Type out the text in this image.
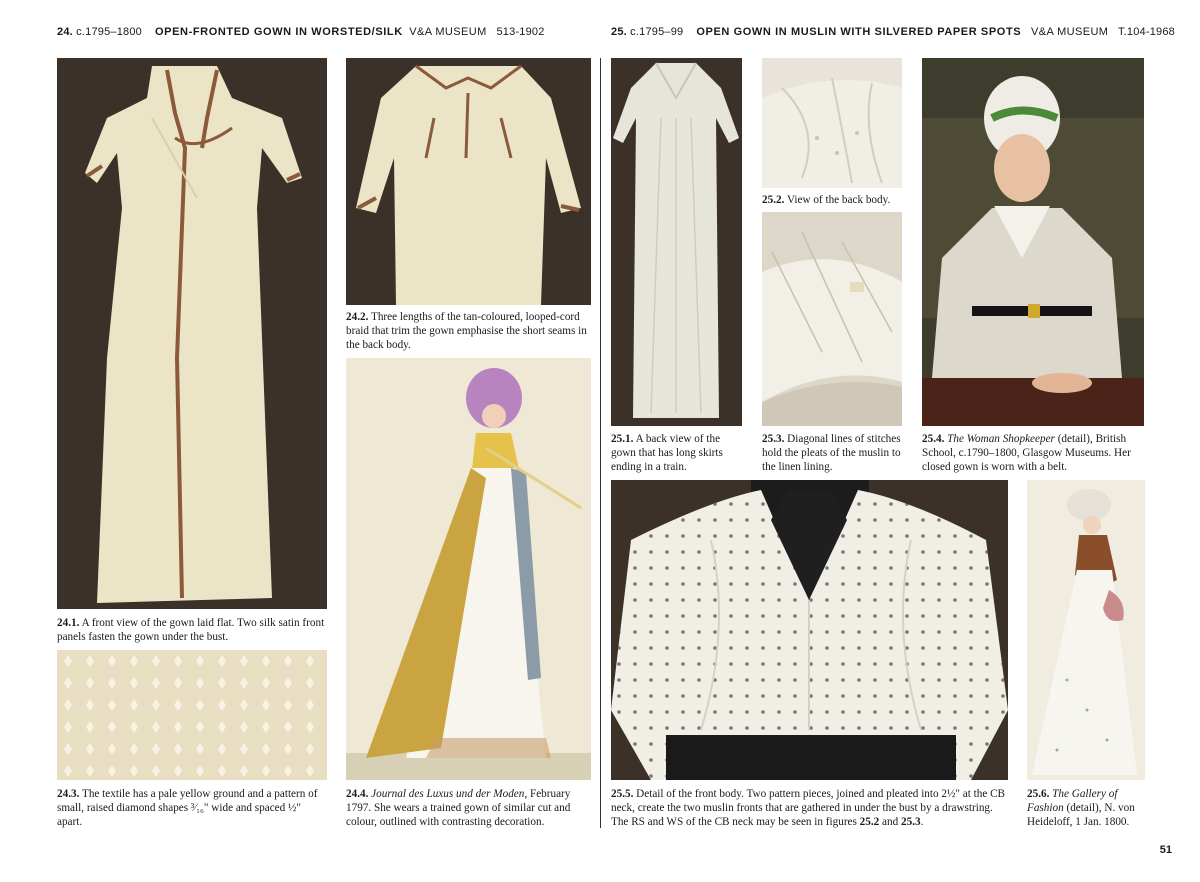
24. c.1795–1800 OPEN-FRONTED GOWN IN WORSTED/SILK V&A MUSEUM 513-1902	25. c.1795–99 OPEN GOWN IN MUSLIN WITH SILVERED PAPER SPOTS V&A MUSEUM T.104-1968
24.1. A front view of the gown laid flat. Two silk satin front panels fasten the gown under the bust.
24.2. Three lengths of the tan-coloured, looped-cord braid that trim the gown emphasise the short seams in the back body.
24.3. The textile has a pale yellow ground and a pattern of small, raised diamond shapes ³⁄₁₆" wide and spaced ½" apart.
24.4. Journal des Luxus und der Moden, February 1797. She wears a trained gown of similar cut and colour, outlined with contrasting decoration.
25.1. A back view of the gown that has long skirts ending in a train.
25.2. View of the back body.
25.3. Diagonal lines of stitches hold the pleats of the muslin to the linen lining.
25.4. The Woman Shopkeeper (detail), British School, c.1790–1800, Glasgow Museums. Her closed gown is worn with a belt.
25.5. Detail of the front body. Two pattern pieces, joined and pleated into 2½" at the CB neck, create the two muslin fronts that are gathered in under the bust by a drawstring. The RS and WS of the CB neck may be seen in figures 25.2 and 25.3.
25.6. The Gallery of Fashion (detail), N. von Heideloff, 1 Jan. 1800.
51
